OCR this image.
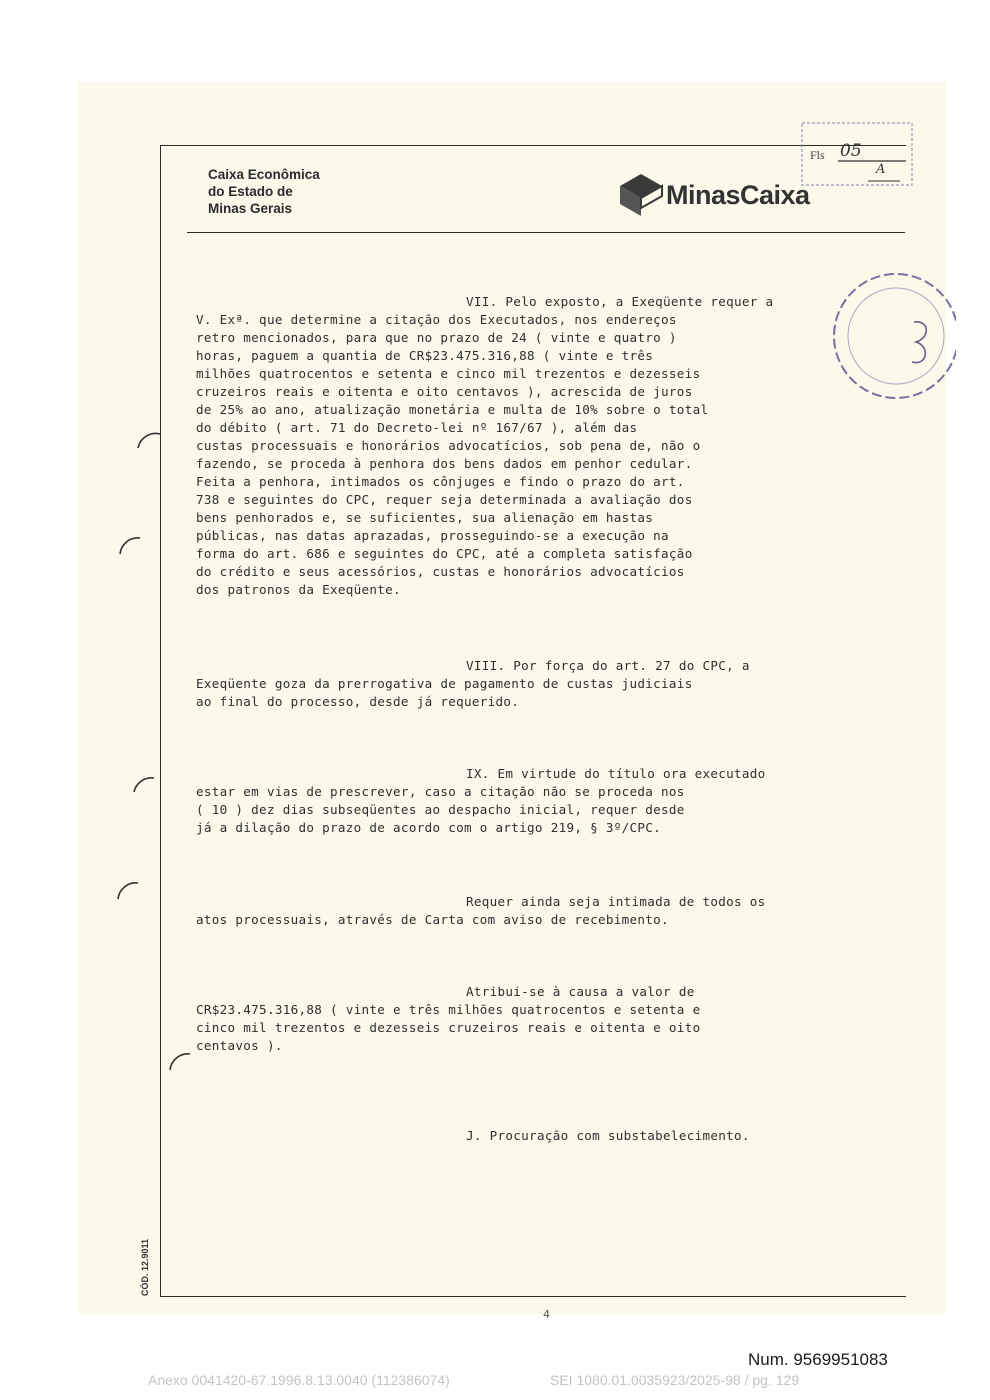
Caixa Econômica
do Estado de
Minas Gerais	MinasCaixa
Fls 05
A
VII. Pelo exposto, a Exeqüente requer a
V. Exª. que determine a citação dos Executados, nos endereços
retro mencionados, para que no prazo de 24 ( vinte e quatro )
horas, paguem a quantia de CR$23.475.316,88 ( vinte e três
milhões quatrocentos e setenta e cinco mil trezentos e dezesseis
cruzeiros reais e oitenta e oito centavos ), acrescida de juros
de 25% ao ano, atualização monetária e multa de 10% sobre o total
do débito ( art. 71 do Decreto-lei nº 167/67 ), além das
custas processuais e honorários advocatícios, sob pena de, não o
fazendo, se proceda à penhora dos bens dados em penhor cedular.
Feita a penhora, intimados os cônjuges e findo o prazo do art.
738 e seguintes do CPC, requer seja determinada a avaliação dos
bens penhorados e, se suficientes, sua alienação em hastas
públicas, nas datas aprazadas, prosseguindo-se a execução na
forma do art. 686 e seguintes do CPC, até a completa satisfação
do crédito e seus acessórios, custas e honorários advocatícios
dos patronos da Exeqüente.
VIII. Por força do art. 27 do CPC, a
Exeqüente goza da prerrogativa de pagamento de custas judiciais
ao final do processo, desde já requerido.
IX. Em virtude do título ora executado
estar em vias de prescrever, caso a citação não se proceda nos
( 10 ) dez dias subseqüentes ao despacho inicial, requer desde
já a dilação do prazo de acordo com o artigo 219, § 3º/CPC.
Requer ainda seja intimada de todos os
atos processuais, através de Carta com aviso de recebimento.
Atribui-se à causa a valor de
CR$23.475.316,88 ( vinte e três milhões quatrocentos e setenta e
cinco mil trezentos e dezesseis cruzeiros reais e oitenta e oito
centavos ).
J. Procuração com substabelecimento.
CÓD. 12.9011
4
Num. 9569951083
Anexo 0041420-67.1996.8.13.0040 (112386074)	SEI 1080.01.0035923/2025-98 / pg. 129
